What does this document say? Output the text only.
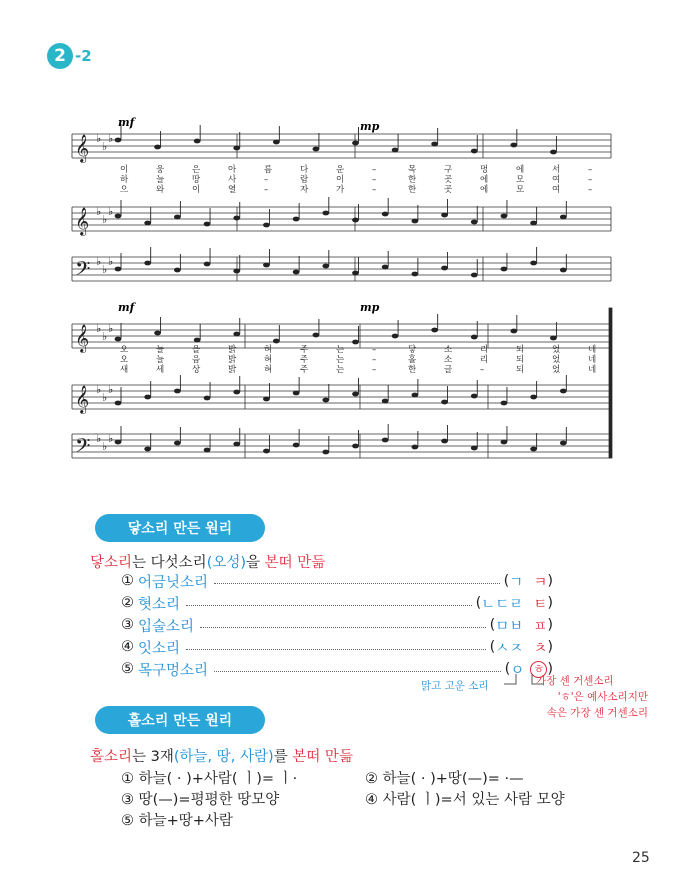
2 -2
𝄞 ♭
♭
♭
𝄞 ♭
♭
♭
𝄢 ♭
♭
♭
𝄞 ♭
♭
♭
𝄞 ♭
♭
♭
𝄢 ♭
♭
♭
mf	mp
mf	mp
이	웅	은	아	름	다	운	–	목	구	멍	에	서	–
하	늘	땅	사	–	람	이	–	한	곳	에	모	여	–
으	와	이	열	–	자	가	–	한	곳	에	모	여	–
오	늘	을	밝	혀	주	는	–	닿	소	리	되	었	네
오	늘	음	밝	혀	주	는	–	홀	소	리	되	었	네
새	세	상	밝	혀	주	는	–	한	글	–	되	었	네
닿소리 만든 원리
닿소리는 다섯소리(오성)을 본떠 만듦
① 어금닛소리	( ㄱ ㅋ )
② 혓소리	( ㄴㄷㄹ ㅌ )
③ 입술소리	( ㅁㅂ ㅍ )
④ 잇소리	( ㅅㅈ ㅊ )
⑤ 목구멍소리	( ㅇ ㅎ )
맑고 고운 소리	가장 센 거센소리
'ㅎ'은 예사소리지만
속은 가장 센 거센소리
홀소리 만든 원리
홀소리는 3재(하늘, 땅, 사람)를 본떠 만듦
① 하늘( · )+사람( ㅣ)= ㅣ·	② 하늘( · )+땅(—)= ·—
③ 땅(—)=평평한 땅모양	④ 사람( ㅣ)=서 있는 사람 모양
⑤ 하늘+땅+사람
25
